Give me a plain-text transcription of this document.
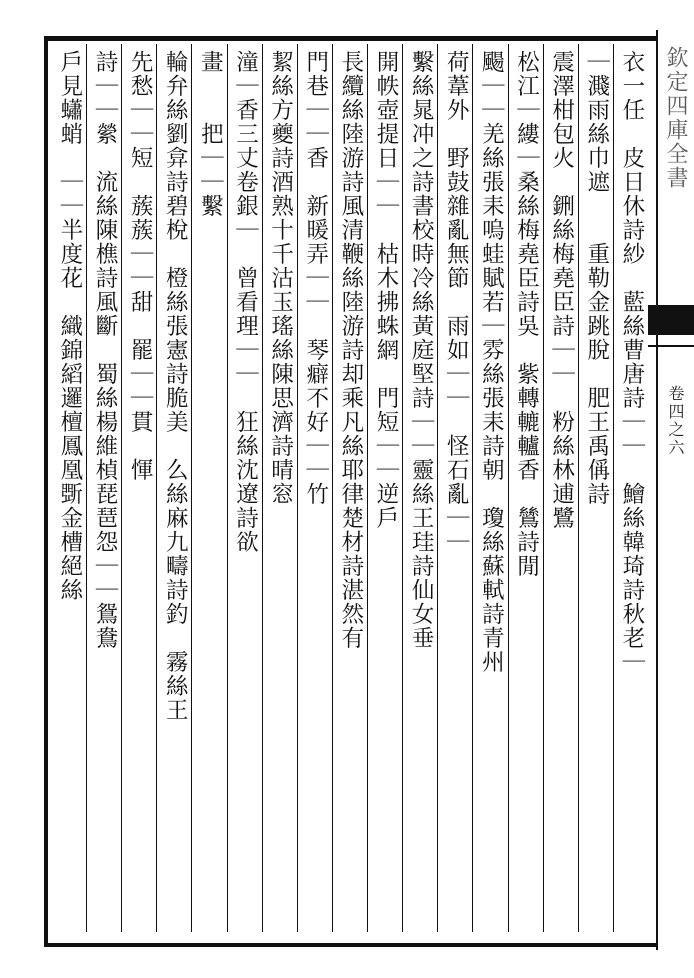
欽定四庫全書
卷四之六
衣一任　皮日休詩紗　藍絲曹唐詩｜｜　鱠絲韓琦詩秋老｜
｜濺雨絲巾遮　　重勒金跳脫　肥王禹偁詩
震澤柑包火　鉶絲梅堯臣詩｜｜　粉絲林逋鷺
松江｜縷｜桑絲梅堯臣詩吳　紫轉轆轤香　鷥詩閒
颺｜｜羌絲張耒嗚蛙賦若｜雰絲張耒詩朝　瓊絲蘇軾詩青州
荷葦外　野鼓雜亂無節　雨如｜｜　怪石亂｜｜
繫絲晁冲之詩書校時冷絲黃庭堅詩｜｜靈絲王珪詩仙女垂
開帙壺提日｜｜　枯木拂蛛網　門短｜｜逆戶
長纜絲陸游詩風清鞭絲陸游詩却乘凡絲耶律楚材詩湛然有
門巷｜｜香　新暖弄｜｜　琴癖不好｜｜竹
絜絲方夔詩酒熟十千沽玉瑤絲陳思濟詩晴窓
潼｜香三丈卷銀｜　曾看理｜｜　狂絲沈遼詩欲
畫　　把｜｜繫
輪弁絲劉弇詩碧梲　橙絲張憲詩脆美　么絲麻九疇詩釣　霧絲王
先愁｜｜短　蔟蔟｜｜甜　罷｜｜貫　惲
詩｜｜縈　流絲陳樵詩風斷　蜀絲楊維楨琵琶怨｜｜鴛鴦
戶見蠨蛸　｜｜半度花　織錦縚邏檀鳳凰斲金槽絕絲
